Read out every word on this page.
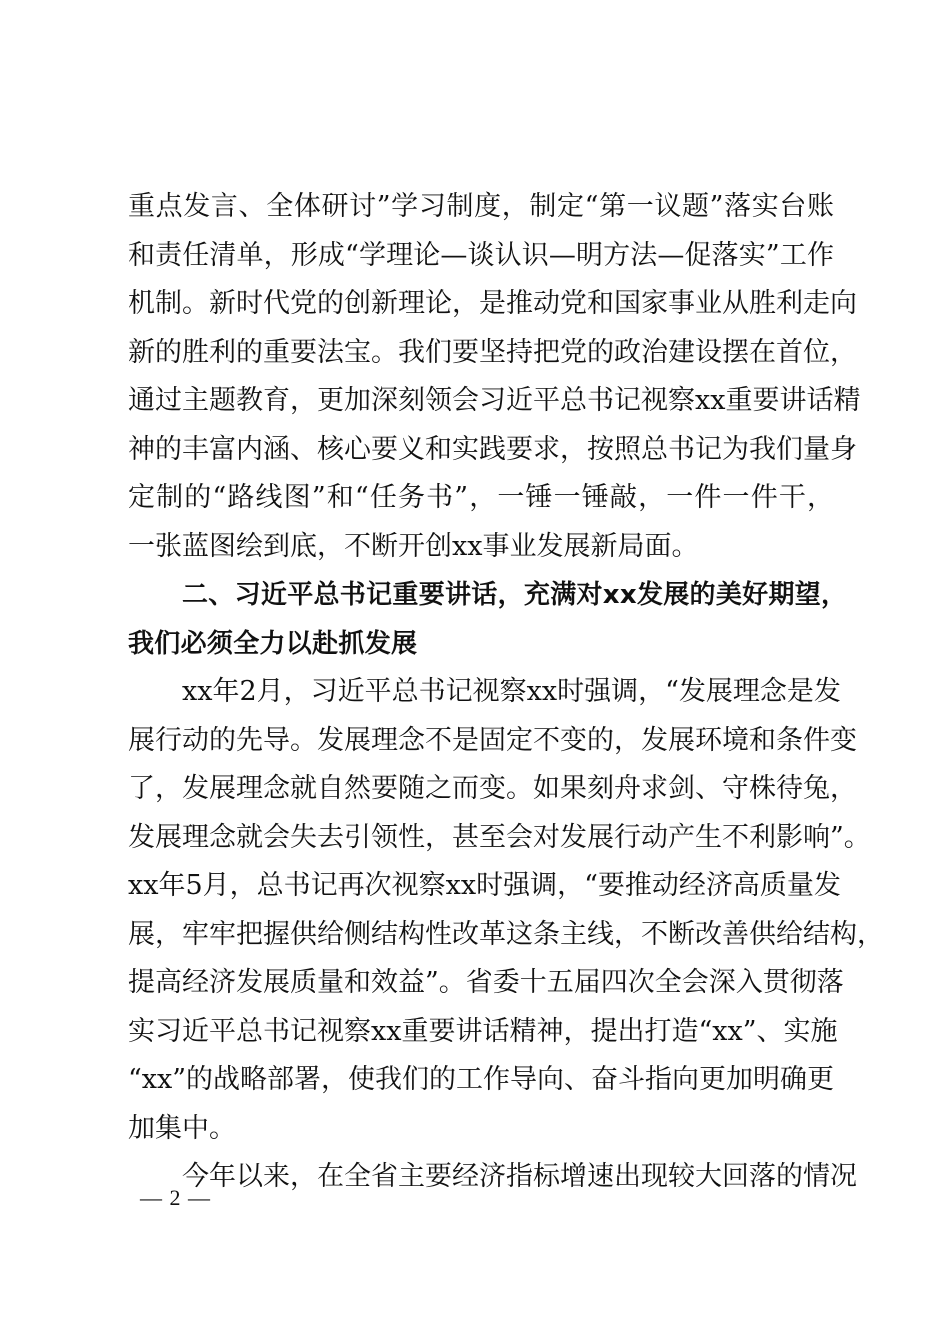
重点发言、全体研讨”学习制度，制定“第一议题”落实台账
和责任清单，形成“学理论—谈认识—明方法—促落实”工作
机制。新时代党的创新理论，是推动党和国家事业从胜利走向
新的胜利的重要法宝。我们要坚持把党的政治建设摆在首位，
通过主题教育，更加深刻领会习近平总书记视察xx重要讲话精
神的丰富内涵、核心要义和实践要求，按照总书记为我们量身
定制的“路线图”和“任务书”，一锤一锤敲，一件一件干，
一张蓝图绘到底，不断开创xx事业发展新局面。
二、习近平总书记重要讲话，充满对xx发展的美好期望，
我们必须全力以赴抓发展
xx年2月，习近平总书记视察xx时强调，“发展理念是发
展行动的先导。发展理念不是固定不变的，发展环境和条件变
了，发展理念就自然要随之而变。如果刻舟求剑、守株待兔，
发展理念就会失去引领性，甚至会对发展行动产生不利影响”。
xx年5月，总书记再次视察xx时强调，“要推动经济高质量发
展，牢牢把握供给侧结构性改革这条主线，不断改善供给结构，
提高经济发展质量和效益”。省委十五届四次全会深入贯彻落
实习近平总书记视察xx重要讲话精神，提出打造“xx”、实施
“xx”的战略部署，使我们的工作导向、奋斗指向更加明确更
加集中。
今年以来，在全省主要经济指标增速出现较大回落的情况
— 2 —
